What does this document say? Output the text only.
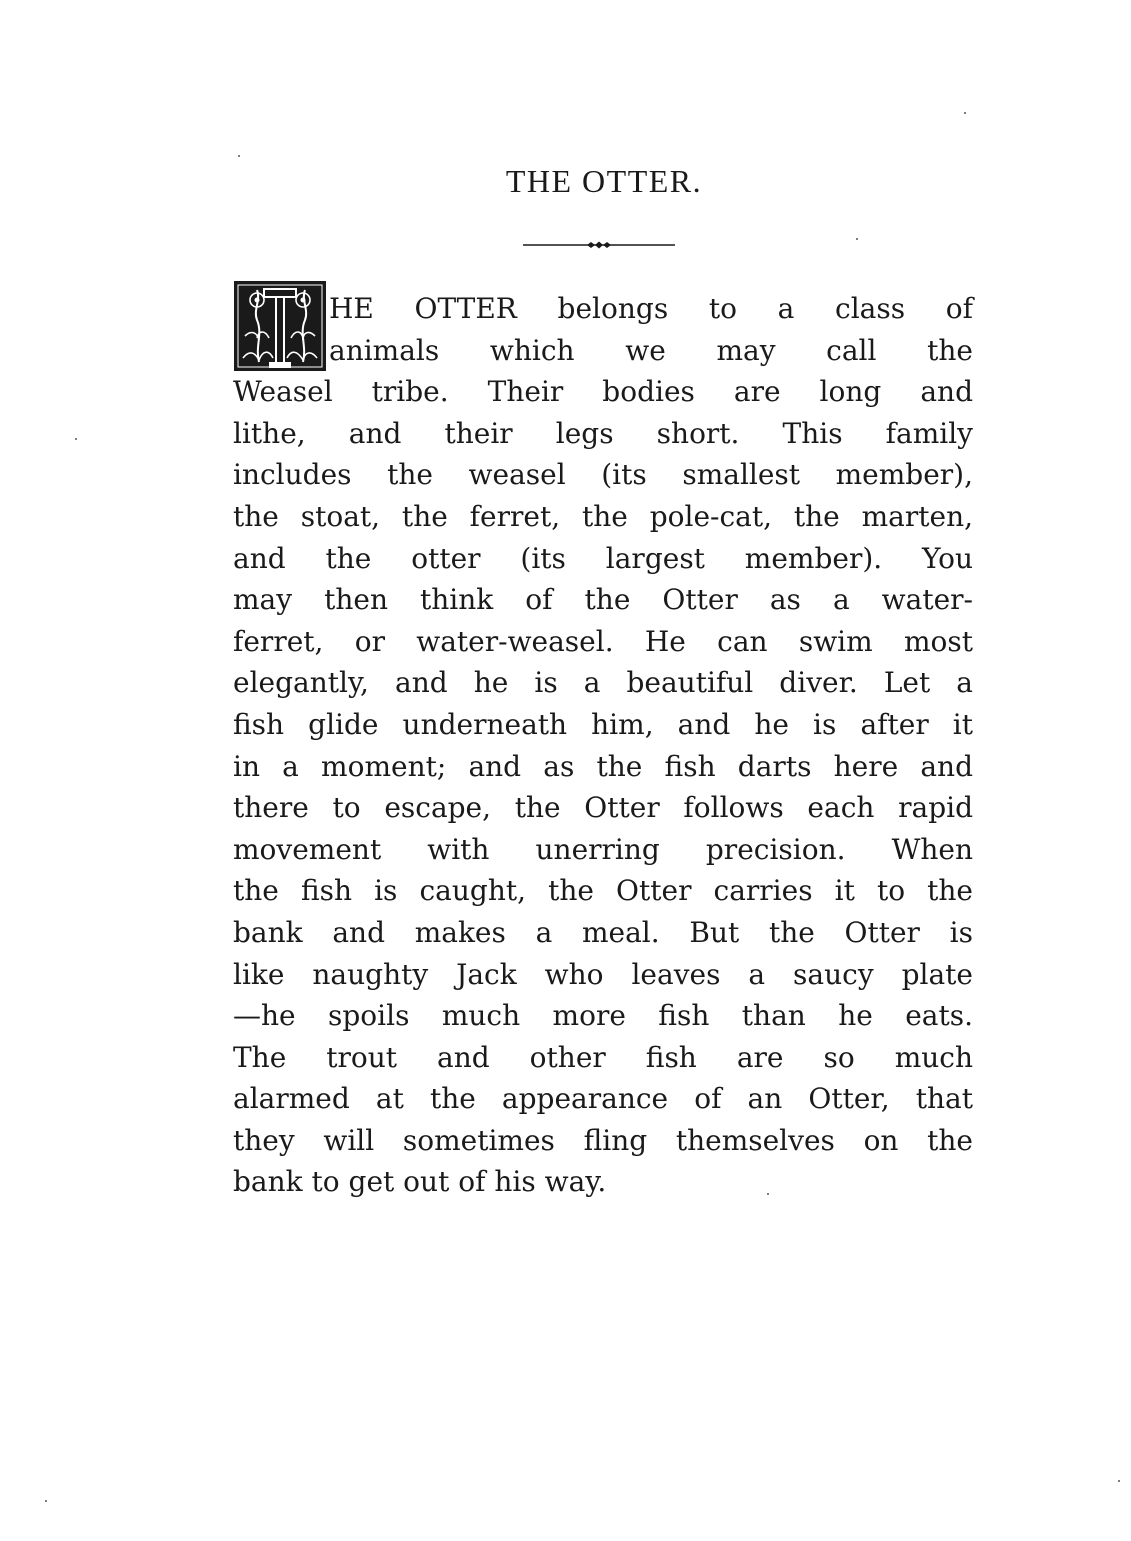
THE OTTER.
HE OTTER belongs to a class of
animals which we may call the
Weasel tribe. Their bodies are long and
lithe, and their legs short. This family
includes the weasel (its smallest member),
the stoat, the ferret, the pole-cat, the marten,
and the otter (its largest member). You
may then think of the Otter as a water-
ferret, or water-weasel. He can swim most
elegantly, and he is a beautiful diver. Let a
fish glide underneath him, and he is after it
in a moment; and as the fish darts here and
there to escape, the Otter follows each rapid
movement with unerring precision. When
the fish is caught, the Otter carries it to the
bank and makes a meal. But the Otter is
like naughty Jack who leaves a saucy plate
—he spoils much more fish than he eats.
The trout and other fish are so much
alarmed at the appearance of an Otter, that
they will sometimes fling themselves on the
bank to get out of his way.
